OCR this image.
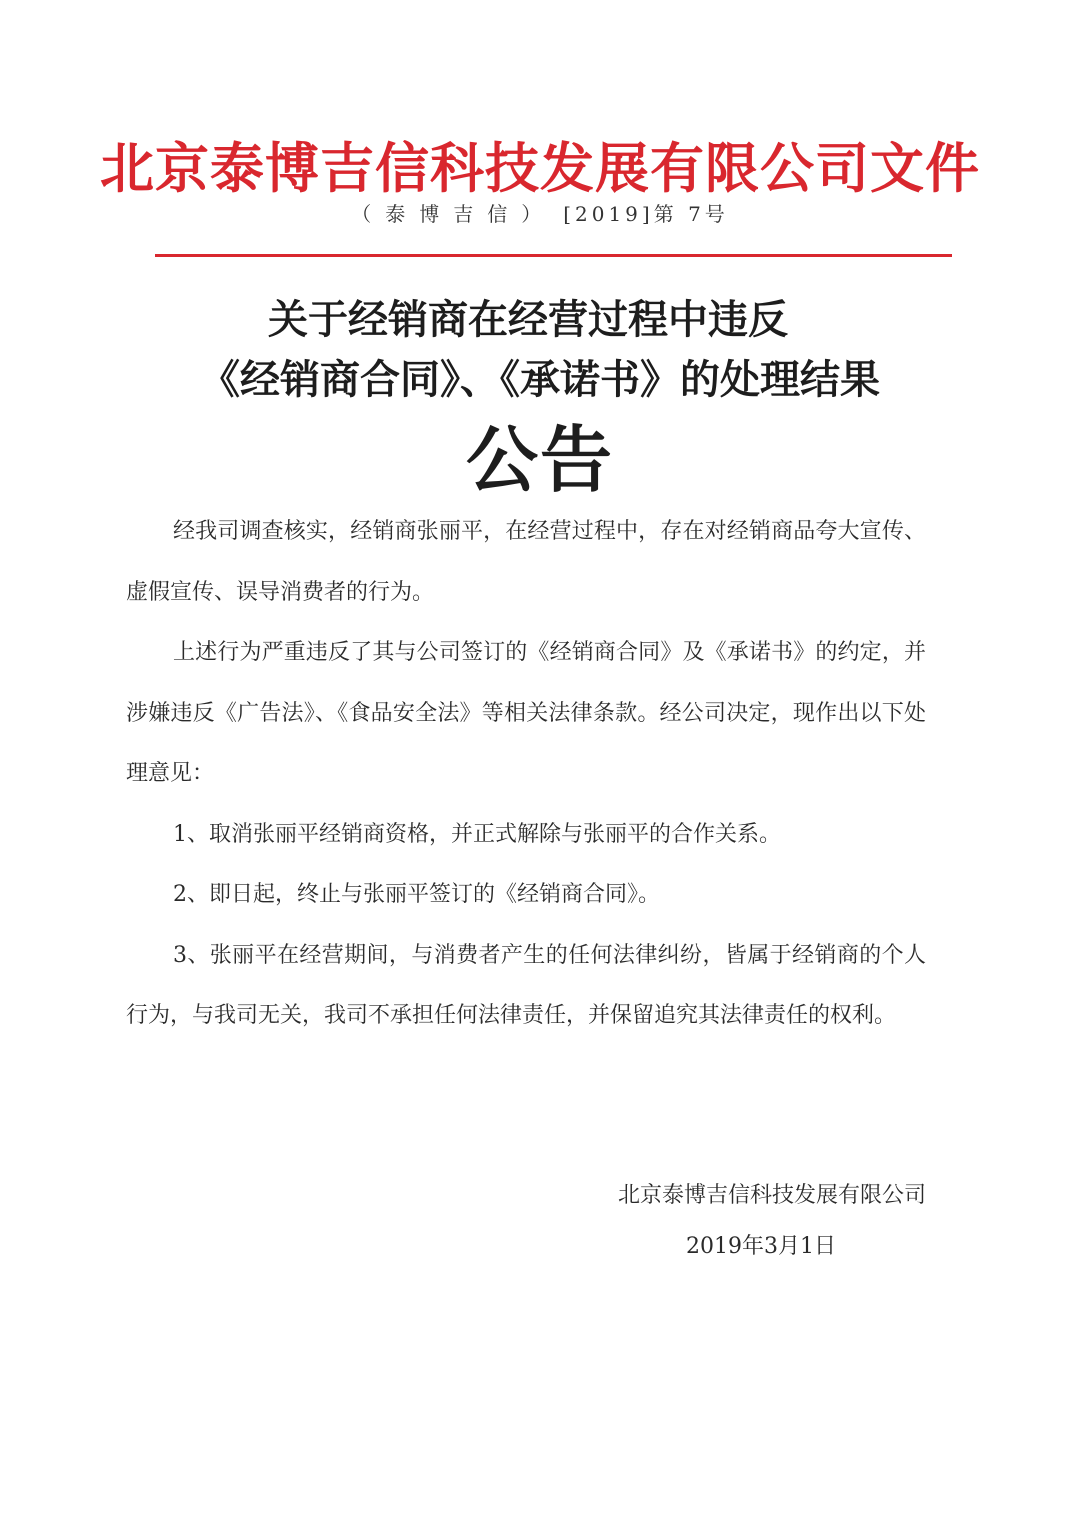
北京泰博吉信科技发展有限公司文件
（泰博吉信） [2019]第 7号
关于经销商在经营过程中违反
《经销商合同》、《承诺书》的处理结果
公告

经我司调查核实，经销商张丽平，在经营过程中，存在对经销商品夸大宣传、虚假宣传、误导消费者的行为。

上述行为严重违反了其与公司签订的《经销商合同》及《承诺书》的约定，并涉嫌违反《广告法》、《食品安全法》等相关法律条款。经公司决定，现作出以下处理意见：

1、取消张丽平经销商资格，并正式解除与张丽平的合作关系。

2、即日起，终止与张丽平签订的《经销商合同》。

3、张丽平在经营期间，与消费者产生的任何法律纠纷，皆属于经销商的个人行为，与我司无关，我司不承担任何法律责任，并保留追究其法律责任的权利。

北京泰博吉信科技发展有限公司
2019年3月1日
